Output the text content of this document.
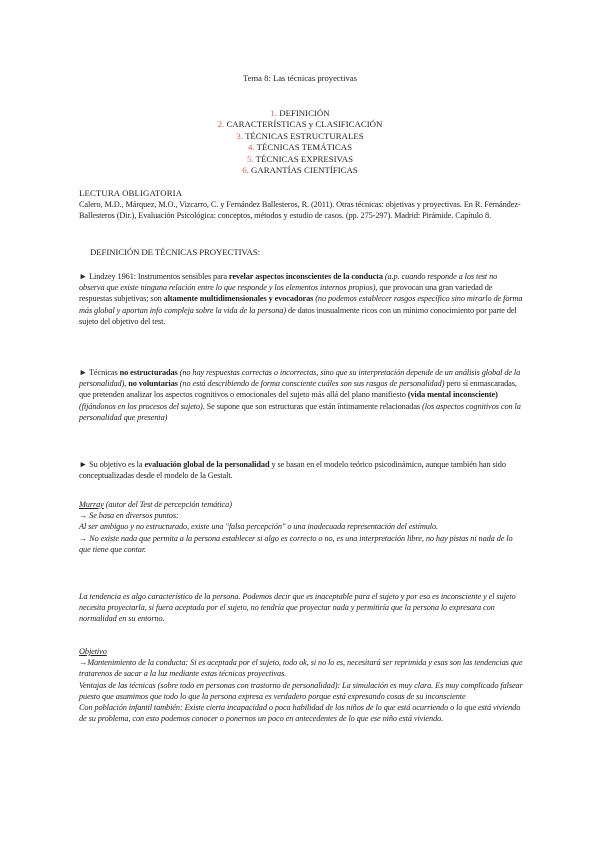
Tema 8: Las técnicas proyectivas
1. DEFINICIÓN
2. CARACTERÍSTICAS y CLASIFICACIÓN
3. TÉCNICAS ESTRUCTURALES
4. TÉCNICAS TEMÁTICAS
5. TÉCNICAS EXPRESIVAS
6. GARANTÍAS CIENTÍFICAS
LECTURA OBLIGATORIA
Calero, M.D., Márquez, M.O., Vizcarro, C. y Fernández Ballesteros, R. (2011). Otras técnicas: objetivas y proyectivas. En R. Fernández-Ballesteros (Dir.), Evaluación Psicológica: conceptos, métodos y estudio de casos. (pp. 275-297). Madrid: Pirámide. Capítulo 8.
DEFINICIÓN DE TÉCNICAS PROYECTIVAS:

► Lindzey 1961: Instrumentos sensibles para revelar aspectos inconscientes de la conducta (a.p. cuando responde a los test no observa que existe ninguna relación entre lo que responde y los elementos internos propios), que provocan una gran variedad de respuestas subjetivas; son altamente multidimensionales y evocadoras (no podemos establecer rasgos específico sino mirarlo de forma más global y aportan info compleja sobre la vida de la persona) de datos inusualmente ricos con un mínimo conocimiento por parte del sujeto del objetivo del test.

► Técnicas no estructuradas (no hay respuestas correctas o incorrectas, sino que su interpretación depende de un análisis global de la personalidad), no voluntarias (no está describiendo de forma consciente cuáles son sus rasgos de personalidad) pero sí enmascaradas, que pretenden analizar los aspectos cognitivos o emocionales del sujeto más allá del plano manifiesto (vida mental inconsciente) (fijándonos en los procesos del sujeto). Se supone que son estructuras que están íntimamente relacionadas (los aspectos cognitivos con la personalidad que presenta)

► Su objetivo es la evaluación global de la personalidad y se basan en el modelo teórico psicodinámico, aunque también han sido conceptualizadas desde el modelo de la Gestalt.

Murray (autor del Test de percepción temática)

→ Se basa en diversos puntos:

Al ser ambiguo y no estructurado, existe una "falsa percepción" o una inadecuada representación del estímulo.

→ No existe nada que permita a la persona establecer si algo es correcto o no, es una interpretación libre, no hay pistas ni nada de lo que tiene que contar.

La tendencia es algo característico de la persona. Podemos decir que es inaceptable para el sujeto y por eso es inconsciente y el sujeto necesita proyectarla, si fuera aceptada por el sujeto, no tendría que proyectar nada y permitiría que la persona lo expresara con normalidad en su entorno.

Objetivo

→Mantenimiento de la conducta: Si es aceptada por el sujeto, todo ok, si no lo es, necesitará ser reprimida y esas son las tendencias que tratarenos de sacar a la luz mediante estas técnicas proyectivas.

Ventajas de las técnicas (sobre todo en personas con trastorno de personalidad): La simulación es muy clara. Es muy complicado falsear puesto que asumimos que todo lo que la persona expresa es verdadero porque está expresando cosas de su inconsciente

Con población infantil también: Existe cierta incapacidad o poca habilidad de los niños de lo que está ocurriendo o lo que está viviendo de su problema, con esto podemos conocer o ponernos un poco en antecedentes de lo que ese niño está viviendo.
